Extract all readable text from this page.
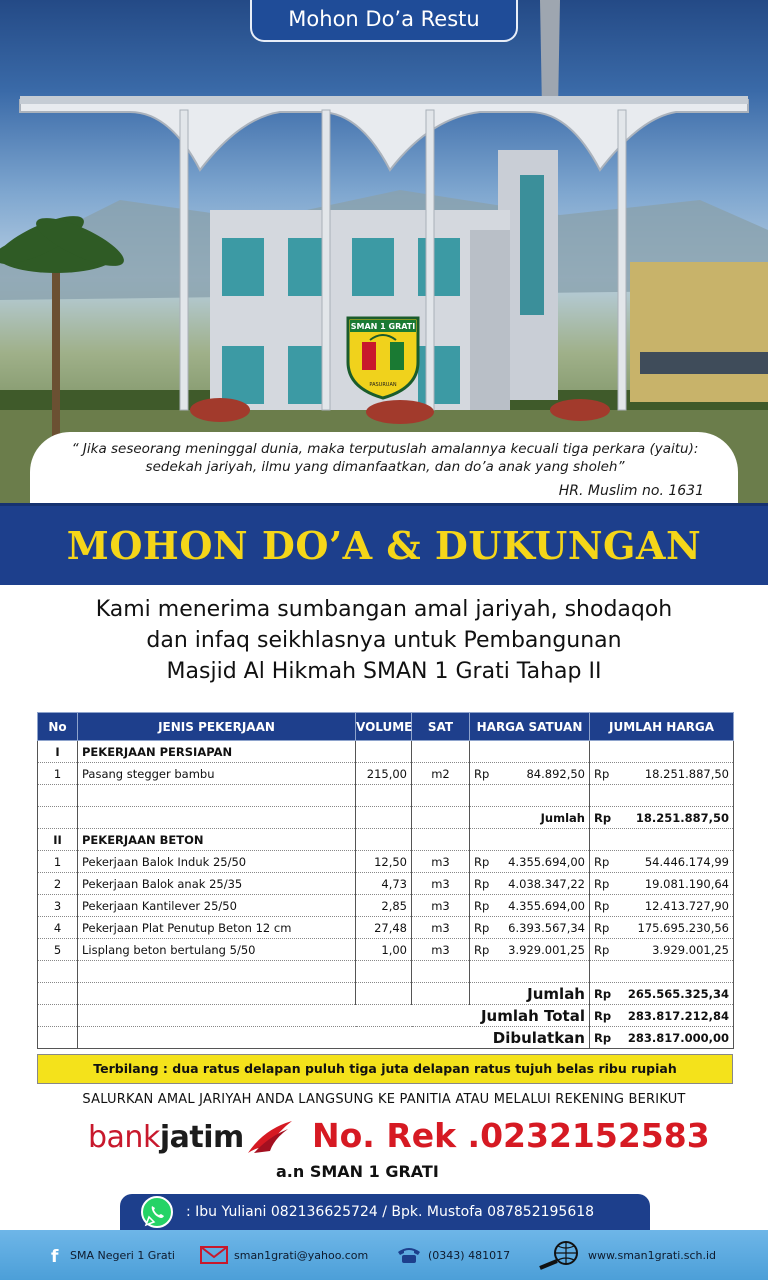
Mohon Do’a Restu
SMAN 1 GRATI
PASURUAN
“ Jika seseorang meninggal dunia, maka terputuslah amalannya kecuali tiga perkara (yaitu):
sedekah jariyah, ilmu yang dimanfaatkan, dan do’a anak yang sholeh”
HR. Muslim no. 1631
MOHON DO’A & DUKUNGAN
Kami menerima sumbangan amal jariyah, shodaqoh
dan infaq seikhlasnya untuk Pembangunan
Masjid Al Hikmah SMAN 1 Grati Tahap II
No	JENIS PEKERJAAN	VOLUME	SAT	HARGA SATUAN	JUMLAH HARGA
I	PEKERJAAN PERSIAPAN				
1	Pasang stegger bambu	215,00	m2	Rp 84.892,50	Rp 18.251.887,50

				Jumlah	Rp 18.251.887,50

II	PEKERJAAN BETON				
1	Pekerjaan Balok Induk 25/50	12,50	m3	Rp 4.355.694,00	Rp 54.446.174,99

2	Pekerjaan Balok anak 25/35	4,73	m3	Rp 4.038.347,22	Rp 19.081.190,64

3	Pekerjaan Kantilever 25/50	2,85	m3	Rp 4.355.694,00	Rp 12.413.727,90

4	Pekerjaan Plat Penutup Beton 12 cm	27,48	m3	Rp 6.393.567,34	Rp 175.695.230,56

5	Lisplang beton bertulang 5/50	1,00	m3	Rp 3.929.001,25	Rp 3.929.001,25

				Jumlah	Rp 265.565.325,34

	Jumlah Total				Rp 283.817.212,84

	Dibulatkan				Rp 283.817.000,00
Terbilang : dua ratus delapan puluh tiga juta delapan ratus tujuh belas ribu rupiah
SALURKAN AMAL JARIYAH ANDA LANGSUNG KE PANITIA ATAU MELALUI REKENING BERIKUT
bankjatim No. Rek .0232152583
a.n SMAN 1 GRATI
: Ibu Yuliani 082136625724 / Bpk. Mustofa 087852195618
f SMA Negeri 1 Grati	sman1grati@yahoo.com	(0343) 481017	www.sman1grati.sch.id
